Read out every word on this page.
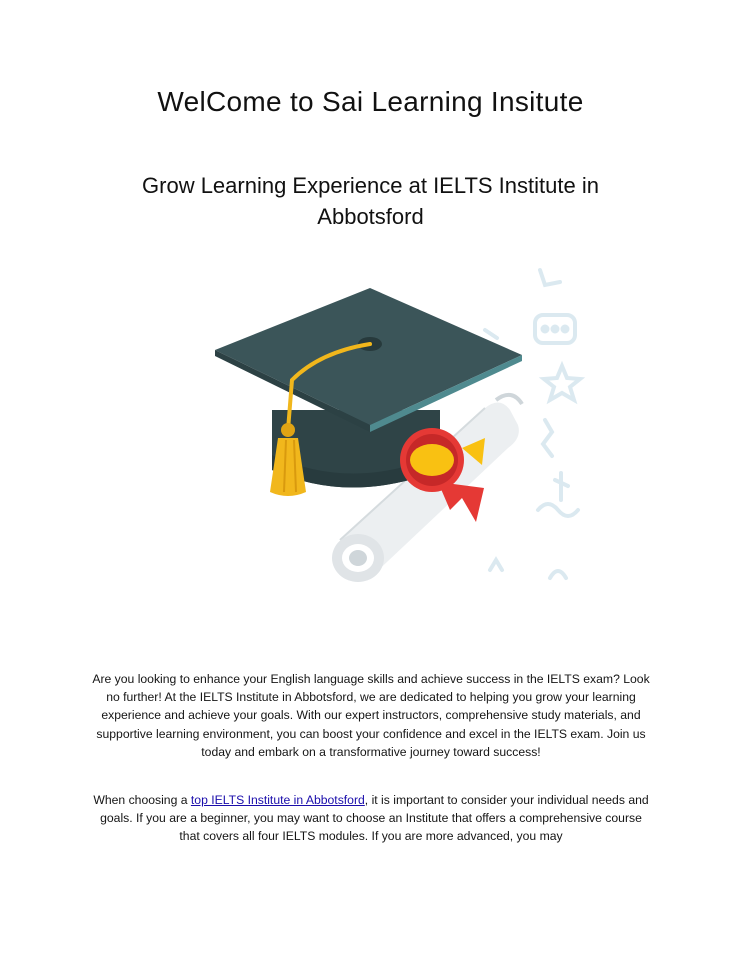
WelCome to Sai Learning Insitute
Grow Learning Experience at IELTS Institute in Abbotsford
Are you looking to enhance your English language skills and achieve success in the IELTS exam? Look no further! At the IELTS Institute in Abbotsford, we are dedicated to helping you grow your learning experience and achieve your goals. With our expert instructors, comprehensive study materials, and supportive learning environment, you can boost your confidence and excel in the IELTS exam. Join us today and embark on a transformative journey toward success!
When choosing a top IELTS Institute in Abbotsford, it is important to consider your individual needs and goals. If you are a beginner, you may want to choose an Institute that offers a comprehensive course that covers all four IELTS modules. If you are more advanced, you may
